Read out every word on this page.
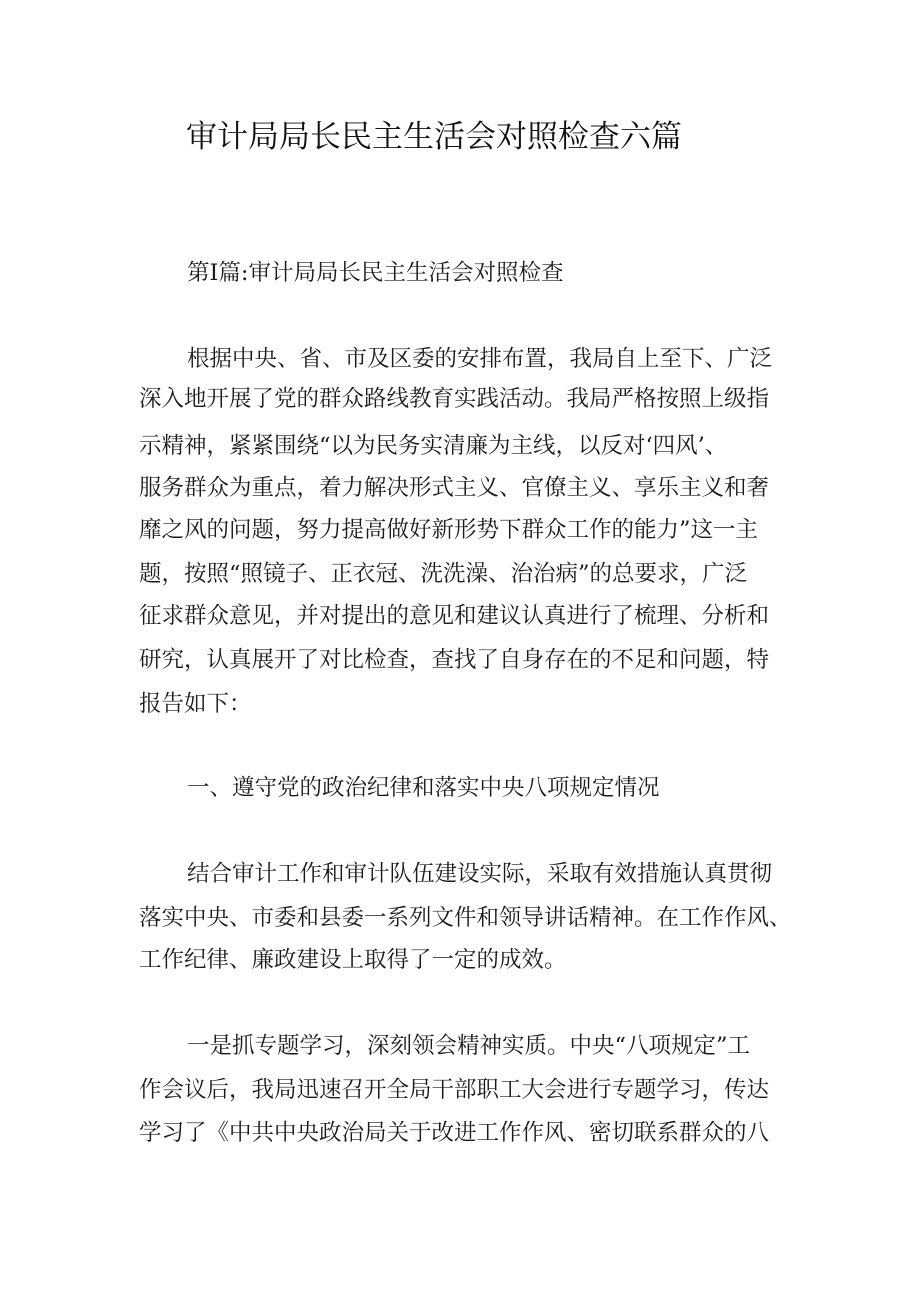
审计局局长民主生活会对照检查六篇

第Ⅰ篇:审计局局长民主生活会对照检查

根据中央、省、市及区委的安排布置，我局自上至下、广泛

深入地开展了党的群众路线教育实践活动。我局严格按照上级指

示精神，紧紧围绕“以为民务实清廉为主线，以反对‘四风’、

服务群众为重点，着力解决形式主义、官僚主义、享乐主义和奢

靡之风的问题，努力提高做好新形势下群众工作的能力”这一主

题，按照“照镜子、正衣冠、洗洗澡、治治病”的总要求，广泛

征求群众意见，并对提出的意见和建议认真进行了梳理、分析和

研究，认真展开了对比检查，查找了自身存在的不足和问题，特

报告如下：

一、遵守党的政治纪律和落实中央八项规定情况

结合审计工作和审计队伍建设实际，采取有效措施认真贯彻

落实中央、市委和县委一系列文件和领导讲话精神。在工作作风、

工作纪律、廉政建设上取得了一定的成效。

一是抓专题学习，深刻领会精神实质。中央“八项规定”工

作会议后，我局迅速召开全局干部职工大会进行专题学习，传达

学习了《中共中央政治局关于改进工作作风、密切联系群众的八
